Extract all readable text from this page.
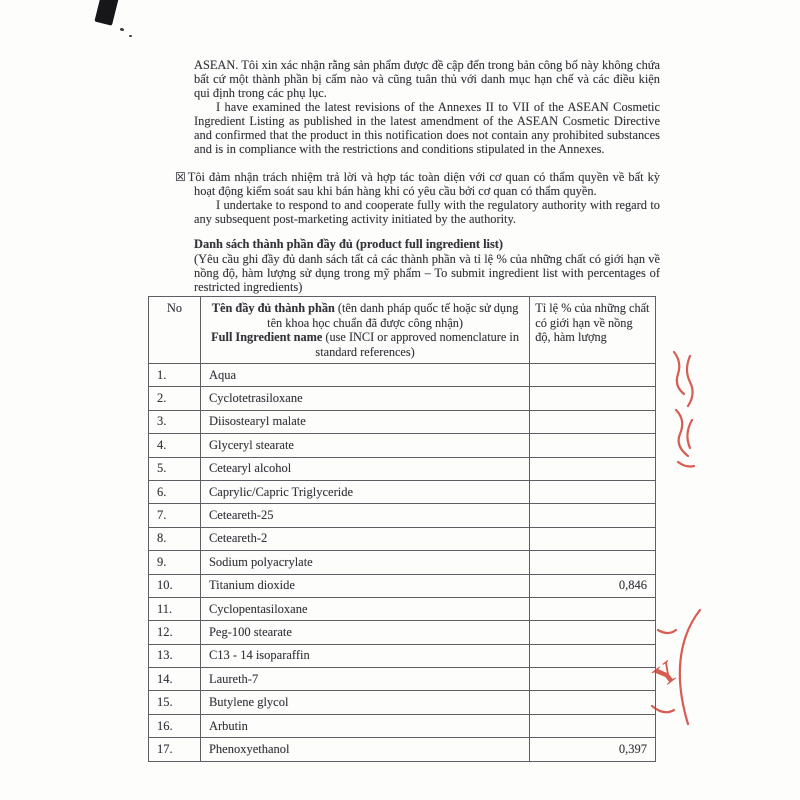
ASEAN. Tôi xin xác nhận rằng sản phẩm được đề cập đến trong bản công bố này không chứa bất cứ một thành phần bị cấm nào và cũng tuân thủ với danh mục hạn chế và các điều kiện qui định trong các phụ lục.

I have examined the latest revisions of the Annexes II to VII of the ASEAN Cosmetic Ingredient Listing as published in the latest amendment of the ASEAN Cosmetic Directive and confirmed that the product in this notification does not contain any prohibited substances and is in compliance with the restrictions and conditions stipulated in the Annexes.

☒Tôi đảm nhận trách nhiệm trả lời và hợp tác toàn diện với cơ quan có thẩm quyền về bất kỳ hoạt động kiểm soát sau khi bán hàng khi có yêu cầu bởi cơ quan có thẩm quyền.

I undertake to respond to and cooperate fully with the regulatory authority with regard to any subsequent post-marketing activity initiated by the authority.

Danh sách thành phần đầy đủ (product full ingredient list)

(Yêu cầu ghi đầy đủ danh sách tất cả các thành phần và tỉ lệ % của những chất có giới hạn về nồng độ, hàm lượng sử dụng trong mỹ phẩm – To submit ingredient list with percentages of restricted ingredients)

No	Tên đầy đủ thành phần (tên danh pháp quốc tế hoặc sử dụng tên khoa học chuẩn đã được công nhận)
Full Ingredient name (use INCI or approved nomenclature in standard references)	Tỉ lệ % của những chất có giới hạn về nồng độ, hàm lượng
1.	Aqua	
2.	Cyclotetrasiloxane	
3.	Diisostearyl malate	
4.	Glyceryl stearate	
5.	Cetearyl alcohol	
6.	Caprylic/Capric Triglyceride	
7.	Ceteareth-25	
8.	Ceteareth-2	
9.	Sodium polyacrylate	
10.	Titanium dioxide	0,846
11.	Cyclopentasiloxane	
12.	Peg-100 stearate	
13.	C13 - 14 isoparaffin	
14.	Laureth-7	
15.	Butylene glycol	
16.	Arbutin	
17.	Phenoxyethanol	0,397
Y
